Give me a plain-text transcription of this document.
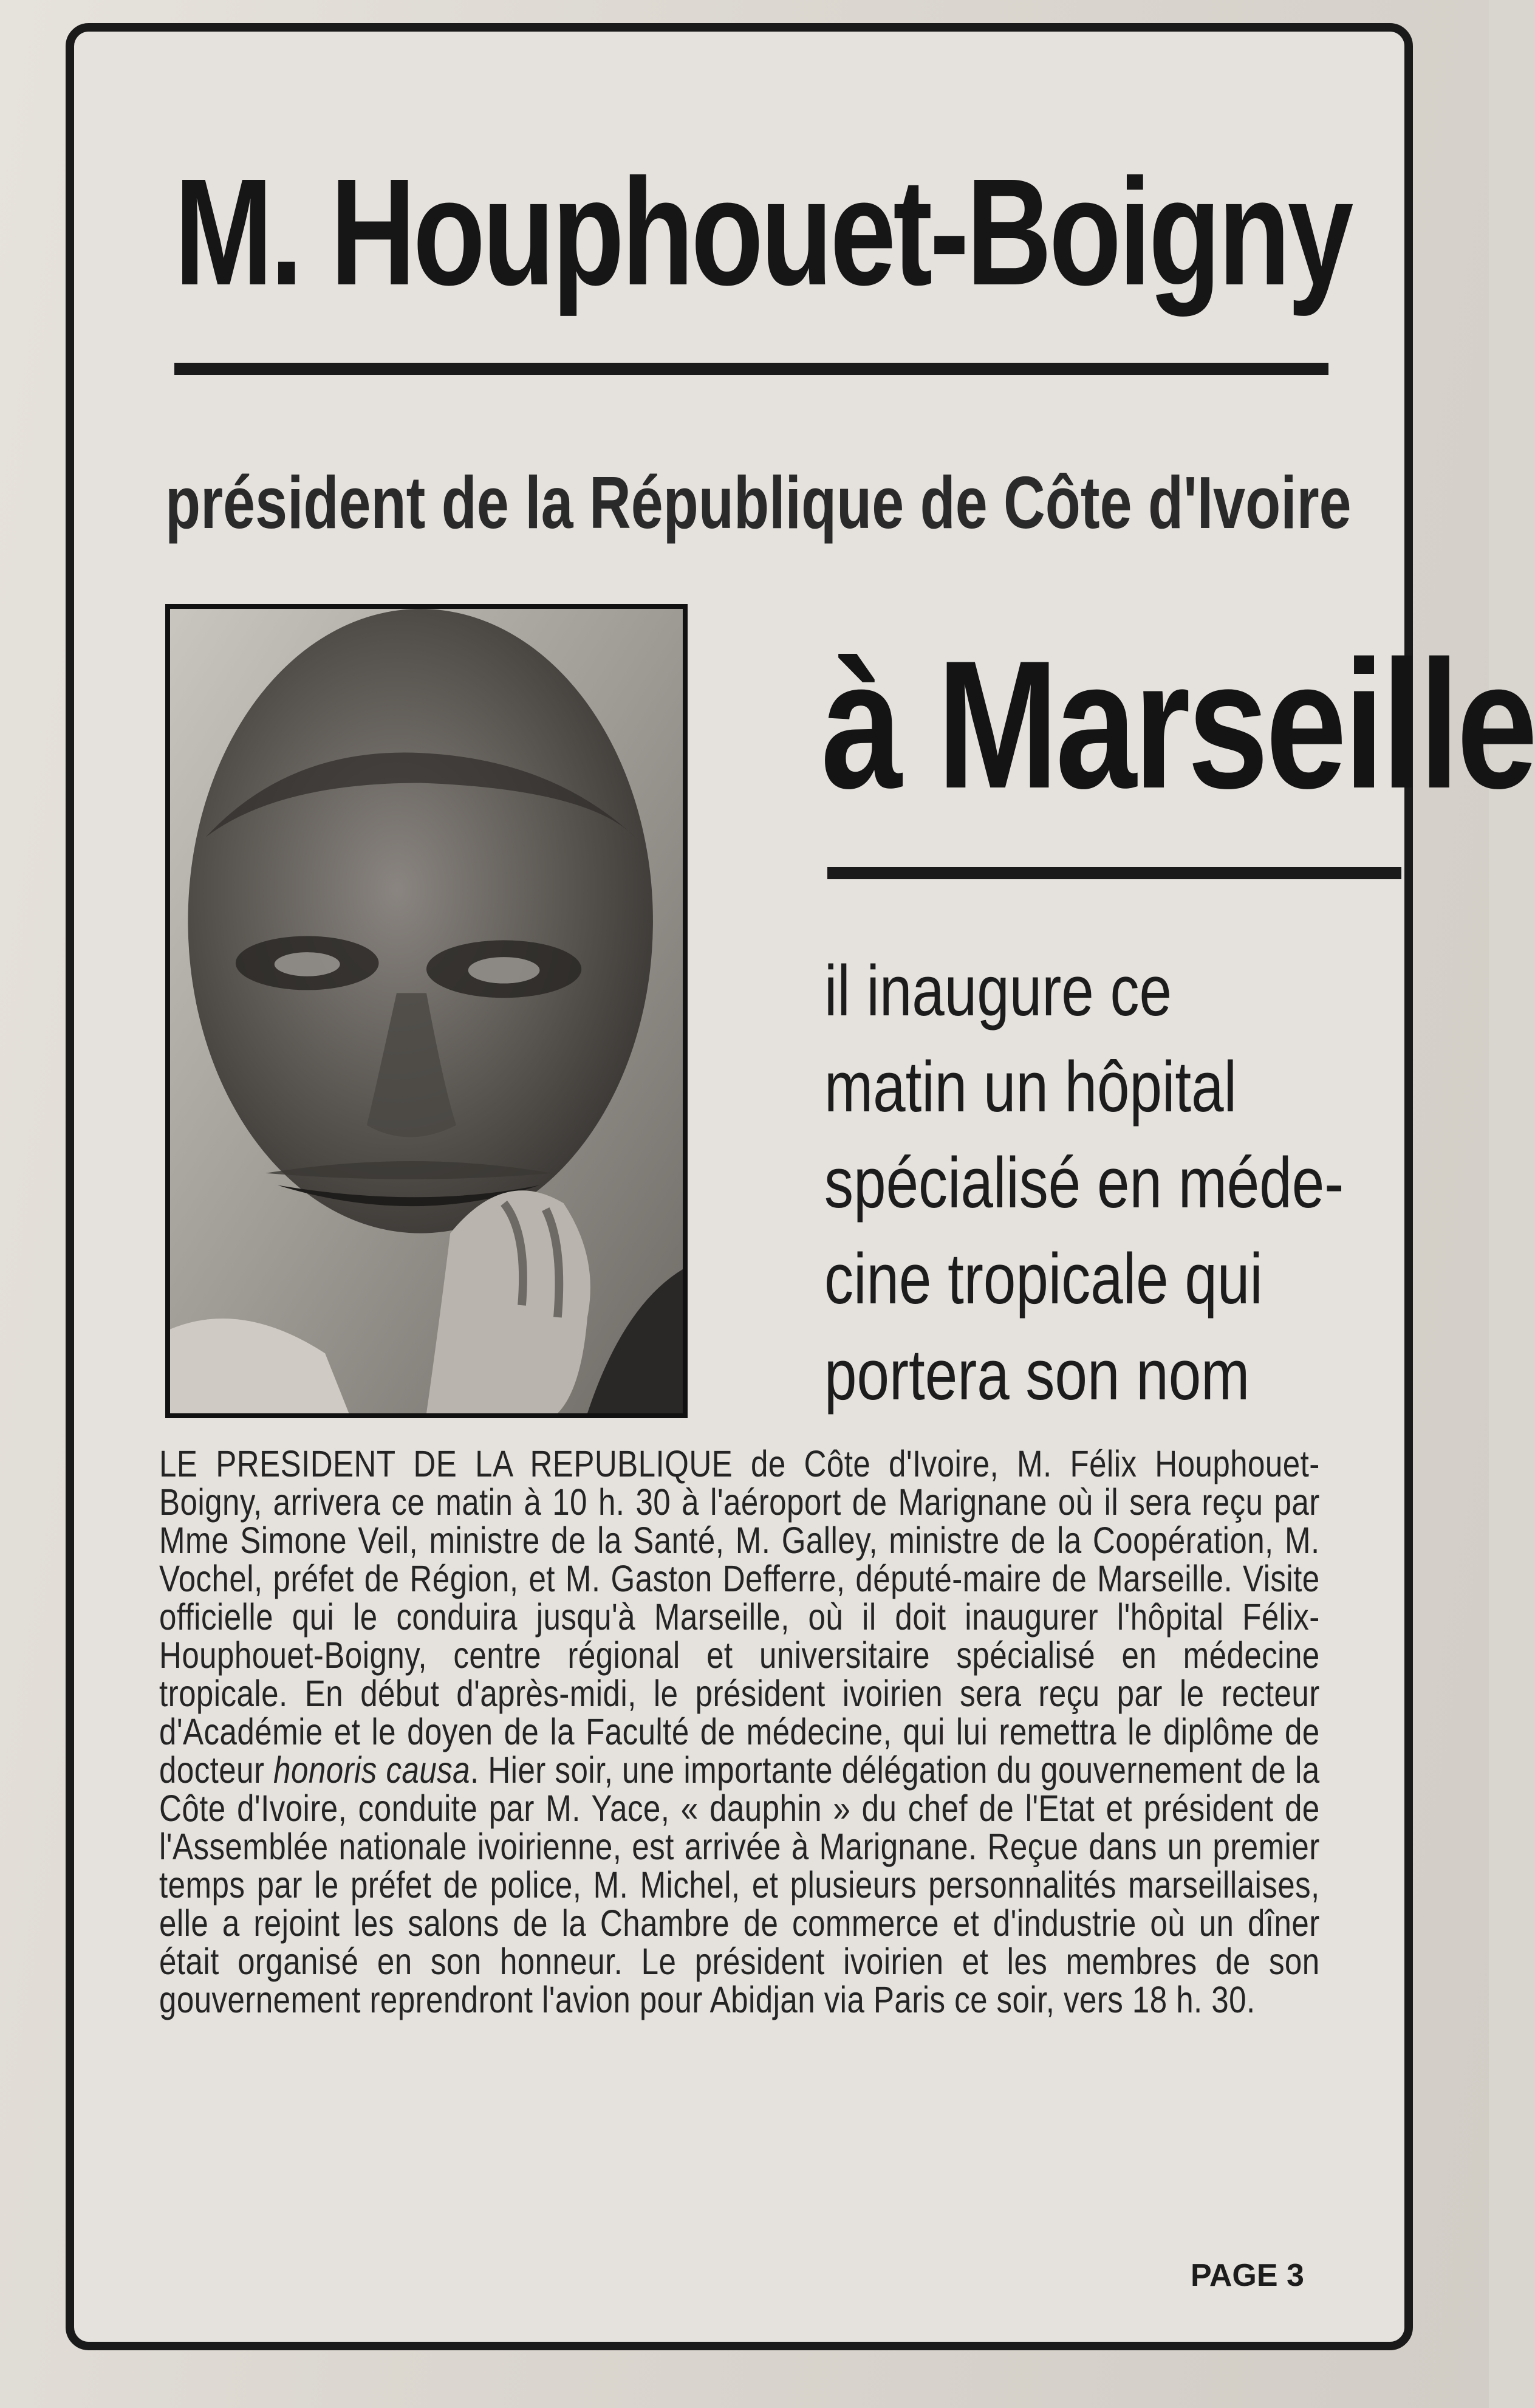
M. Houphouet-Boigny
président de la République de Côte d'Ivoire
à Marseille

il inaugure ce
matin un hôpital
spécialisé en méde-
cine tropicale qui
portera son nom

LE PRESIDENT DE LA REPUBLIQUE de Côte d'Ivoire, M. Félix Houphouet-Boigny, arrivera ce matin à 10 h. 30 à l'aéroport de Marignane où il sera reçu par Mme Simone Veil, ministre de la Santé, M. Galley, ministre de la Coopération, M. Vochel, préfet de Région, et M. Gaston Defferre, député-maire de Marseille. Visite officielle qui le conduira jusqu'à Marseille, où il doit inaugurer l'hôpital Félix-Houphouet-Boigny, centre régional et universitaire spécialisé en médecine tropicale. En début d'après-midi, le président ivoirien sera reçu par le recteur d'Académie et le doyen de la Faculté de médecine, qui lui remettra le diplôme de docteur honoris causa. Hier soir, une importante délégation du gouvernement de la Côte d'Ivoire, conduite par M. Yace, « dauphin » du chef de l'Etat et président de l'Assemblée nationale ivoirienne, est arrivée à Marignane. Reçue dans un premier temps par le préfet de police, M. Michel, et plusieurs personnalités marseillaises, elle a rejoint les salons de la Chambre de commerce et d'industrie où un dîner était organisé en son honneur. Le président ivoirien et les membres de son gouvernement reprendront l'avion pour Abidjan via Paris ce soir, vers 18 h. 30.

PAGE 3
